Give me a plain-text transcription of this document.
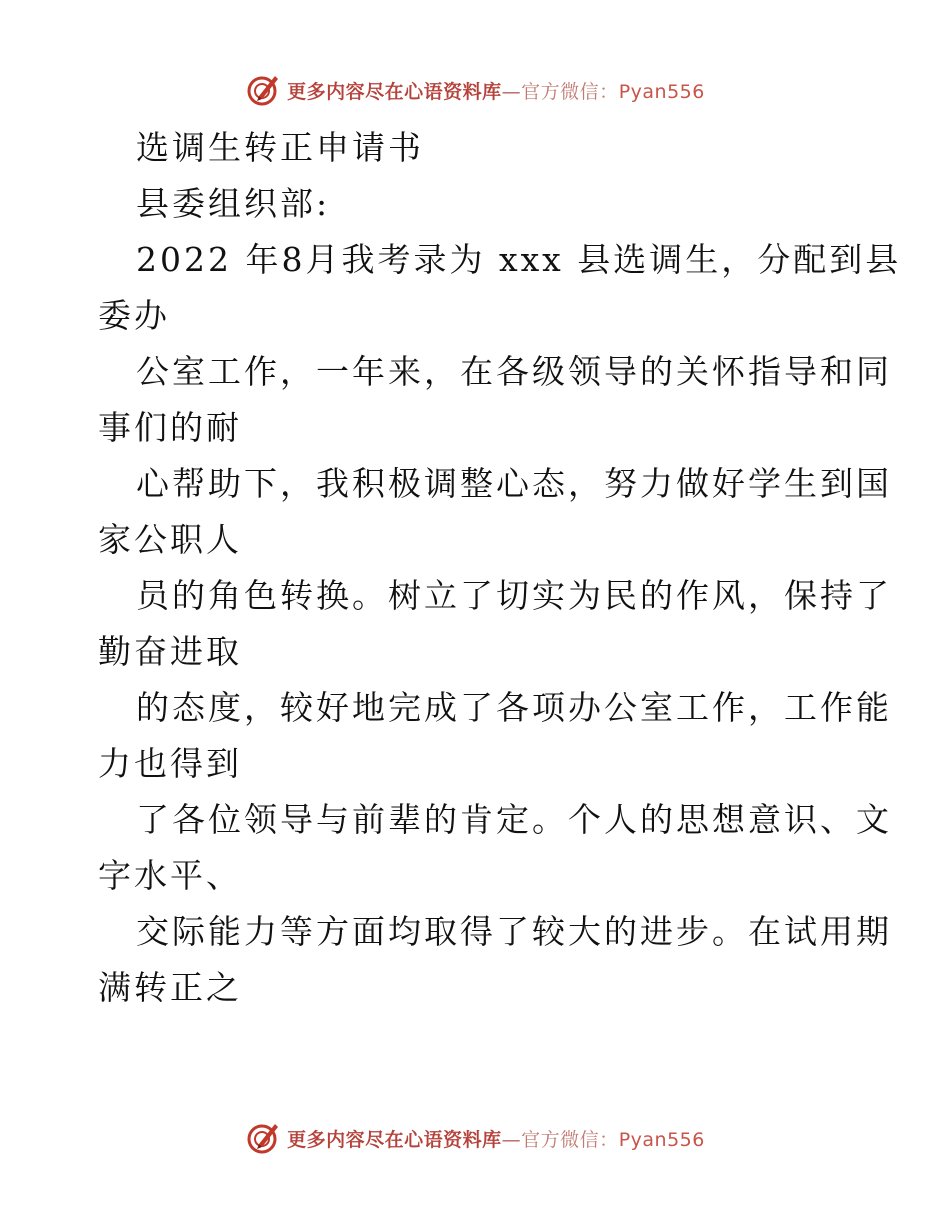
更多内容尽在心语资料库—官方微信：Pyan556
选调生转正申请书
县委组织部:
2022 年8月我考录为 xxx 县选调生，分配到县
委办
公室工作，一年来，在各级领导的关怀指导和同
事们的耐
心帮助下，我积极调整心态，努力做好学生到国
家公职人
员的角色转换。树立了切实为民的作风，保持了
勤奋进取
的态度，较好地完成了各项办公室工作，工作能
力也得到
了各位领导与前辈的肯定。个人的思想意识、文
字水平、
交际能力等方面均取得了较大的进步。在试用期
满转正之
更多内容尽在心语资料库—官方微信：Pyan556
